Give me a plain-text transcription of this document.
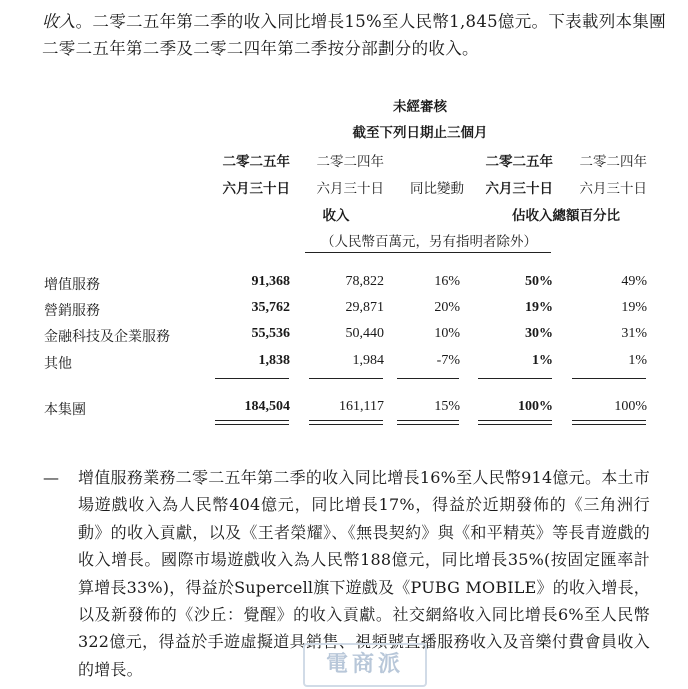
收入。二零二五年第二季的收入同比增長15%至人民幣1,845億元。下表載列本集團二零二五年第二季及二零二四年第二季按分部劃分的收入。
未經審核
截至下列日期止三個月
二零二五年
六月三十日
二零二四年
六月三十日	同比變動
二零二五年
六月三十日
二零二四年
六月三十日
收入	佔收入總額百分比
（人民幣百萬元，另有指明者除外）
增值服務	91,368	78,822	16%	50%	49%
營銷服務	35,762	29,871	20%	19%	19%
金融科技及企業服務	55,536	50,440	10%	30%	31%
其他	1,838	1,984	-7%	1%	1%
本集團	184,504	161,117	15%	100%	100%
— 增值服務業務二零二五年第二季的收入同比增長16%至人民幣914億元。本土市場遊戲收入為人民幣404億元，同比增長17%，得益於近期發佈的《三角洲行動》的收入貢獻，以及《王者榮耀》、《無畏契約》與《和平精英》等長青遊戲的收入增長。國際市場遊戲收入為人民幣188億元，同比增長35%(按固定匯率計算增長33%)，得益於Supercell旗下遊戲及《PUBG MOBILE》的收入增長，以及新發佈的《沙丘：覺醒》的收入貢獻。社交網絡收入同比增長6%至人民幣322億元，得益於手遊虛擬道具銷售、視頻號直播服務收入及音樂付費會員收入的增長。	電商派
